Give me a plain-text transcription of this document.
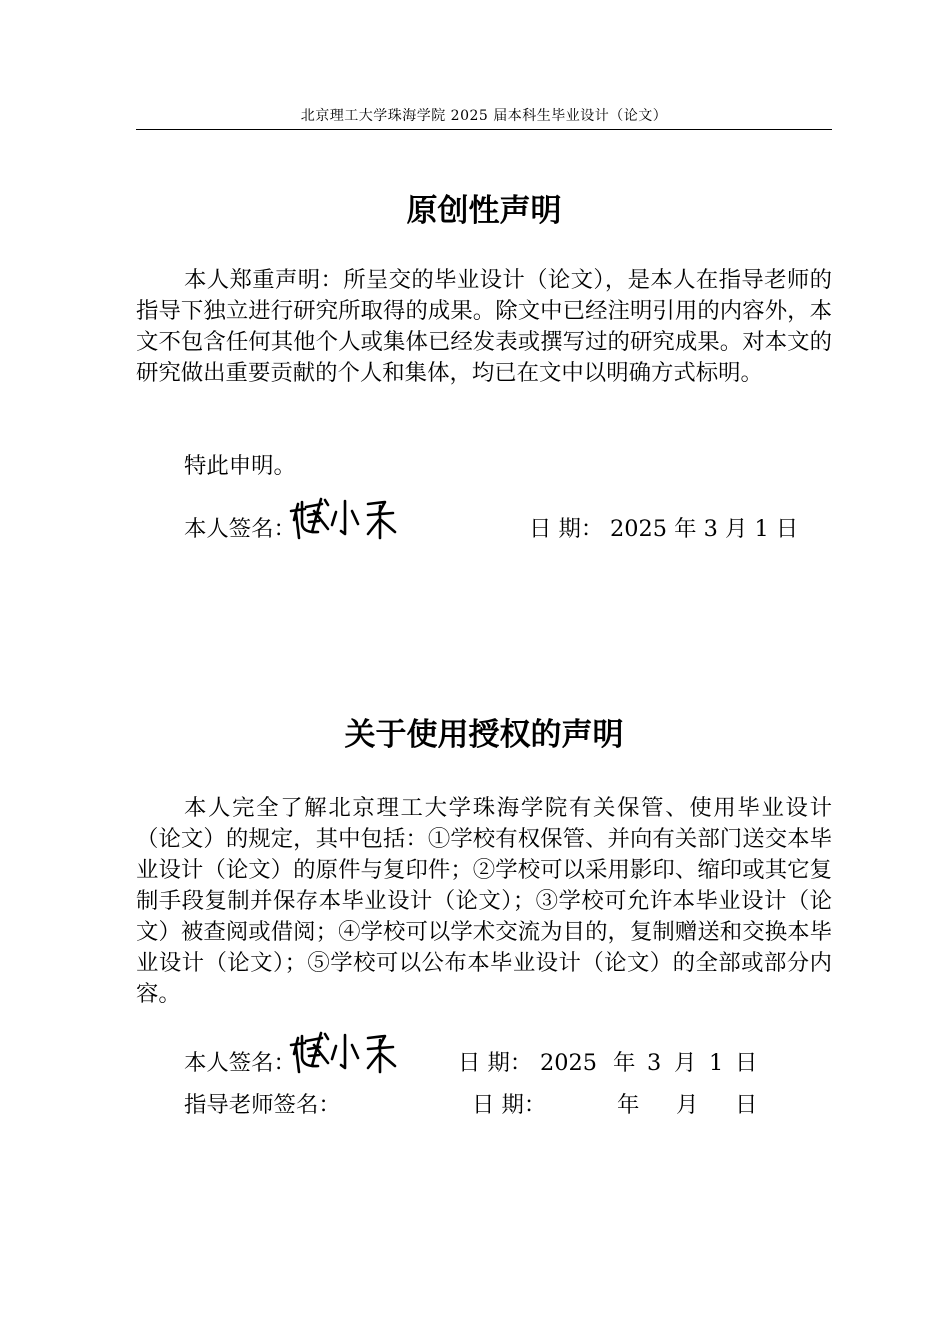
北京理工大学珠海学院 2025 届本科生毕业设计（论文）
原创性声明

本人郑重声明：所呈交的毕业设计（论文），是本人在指导老师的指导下独立进行研究所取得的成果。除文中已经注明引用的内容外，本文不包含任何其他个人或集体已经发表或撰写过的研究成果。对本文的研究做出重要贡献的个人和集体，均已在文中以明确方式标明。

特此申明。
本人签名：	日 期： 2025 年 3 月 1 日
关于使用授权的声明

本人完全了解北京理工大学珠海学院有关保管、使用毕业设计（论文）的规定，其中包括：①学校有权保管、并向有关部门送交本毕业设计（论文）的原件与复印件；②学校可以采用影印、缩印或其它复制手段复制并保存本毕业设计（论文）；③学校可允许本毕业设计（论文）被查阅或借阅；④学校可以学术交流为目的，复制赠送和交换本毕业设计（论文）；⑤学校可以公布本毕业设计（论文）的全部或部分内容。

本人签名：	日 期： 2025 年 3 月 1 日
指导老师签名：	日 期：	年 月 日
